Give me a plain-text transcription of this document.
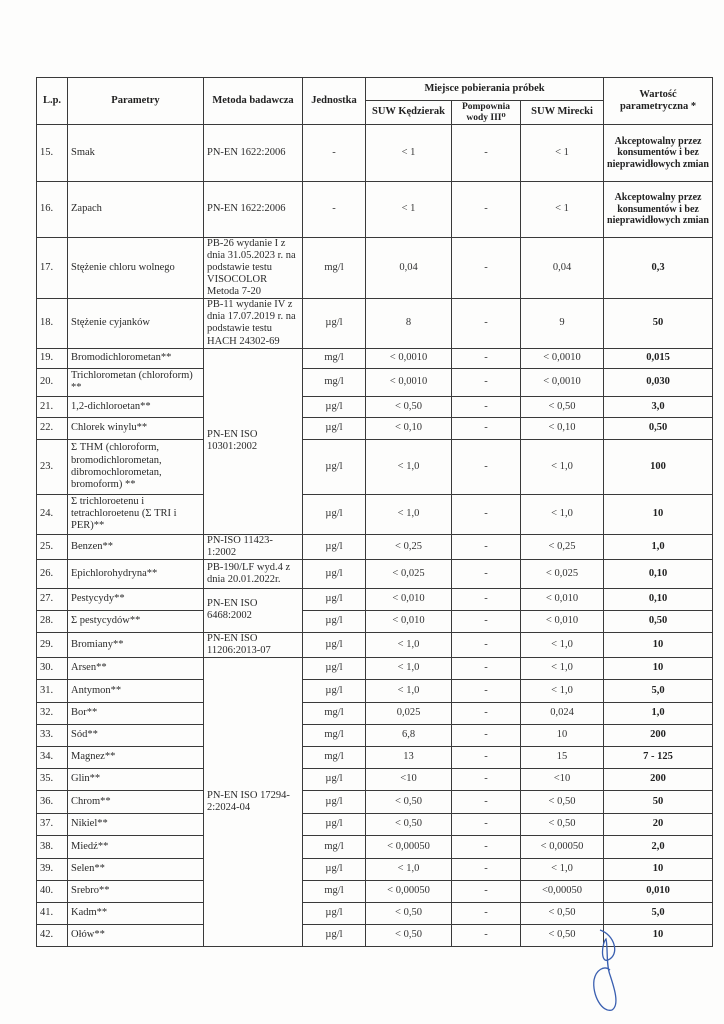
L.p.	Parametry	Metoda badawcza	Jednostka	Miejsce pobierania próbek			Wartość parametryczna *
				SUW Kędzierak	Pompownia wody III⁰	SUW Mirecki	
15.	Smak	PN-EN 1622:2006	-	< 1	-	< 1	Akceptowalny przez konsumentów i bez nieprawidłowych zmian
16.	Zapach	PN-EN 1622:2006	-	< 1	-	< 1	Akceptowalny przez konsumentów i bez nieprawidłowych zmian
17.	Stężenie chloru wolnego	PB-26 wydanie I z dnia 31.05.2023 r. na podstawie testu VISOCOLOR Metoda 7-20	mg/l	0,04	-	0,04	0,3
18.	Stężenie cyjanków	PB-11 wydanie IV z dnia 17.07.2019 r. na podstawie testu HACH 24302-69	µg/l	8	-	9	50
19.	Bromodichlorometan**	PN-EN ISO 10301:2002	mg/l	< 0,0010	-	< 0,0010	0,015
20.	Trichlorometan (chloroform) **		mg/l	< 0,0010	-	< 0,0010	0,030
21.	1,2-dichloroetan**		µg/l	< 0,50	-	< 0,50	3,0
22.	Chlorek winylu**		µg/l	< 0,10	-	< 0,10	0,50
23.	Σ THM (chloroform, bromodichlorometan, dibromochlorometan, bromoform) **		µg/l	< 1,0	-	< 1,0	100
24.	Σ trichloroetenu i tetrachloroetenu (Σ TRI i PER)**		µg/l	< 1,0	-	< 1,0	10
25.	Benzen**	PN-ISO 11423-1:2002	µg/l	< 0,25	-	< 0,25	1,0
26.	Epichlorohydryna**	PB-190/LF wyd.4 z dnia 20.01.2022r.	µg/l	< 0,025	-	< 0,025	0,10
27.	Pestycydy**	PN-EN ISO 6468:2002	µg/l	< 0,010	-	< 0,010	0,10
28.	Σ pestycydów**		µg/l	< 0,010	-	< 0,010	0,50
29.	Bromiany**	PN-EN ISO 11206:2013-07	µg/l	< 1,0	-	< 1,0	10
30.	Arsen**	PN-EN ISO 17294-2:2024-04	µg/l	< 1,0	-	< 1,0	10
31.	Antymon**		µg/l	< 1,0	-	< 1,0	5,0
32.	Bor**		mg/l	0,025	-	0,024	1,0
33.	Sód**		mg/l	6,8	-	10	200
34.	Magnez**		mg/l	13	-	15	7 - 125
35.	Glin**		µg/l	<10	-	<10	200
36.	Chrom**		µg/l	< 0,50	-	< 0,50	50
37.	Nikiel**		µg/l	< 0,50	-	< 0,50	20
38.	Miedź**		mg/l	< 0,00050	-	< 0,00050	2,0
39.	Selen**		µg/l	< 1,0	-	< 1,0	10
40.	Srebro**		mg/l	< 0,00050	-	<0,00050	0,010
41.	Kadm**		µg/l	< 0,50	-	< 0,50	5,0
42.	Ołów**		µg/l	< 0,50	-	< 0,50	10
